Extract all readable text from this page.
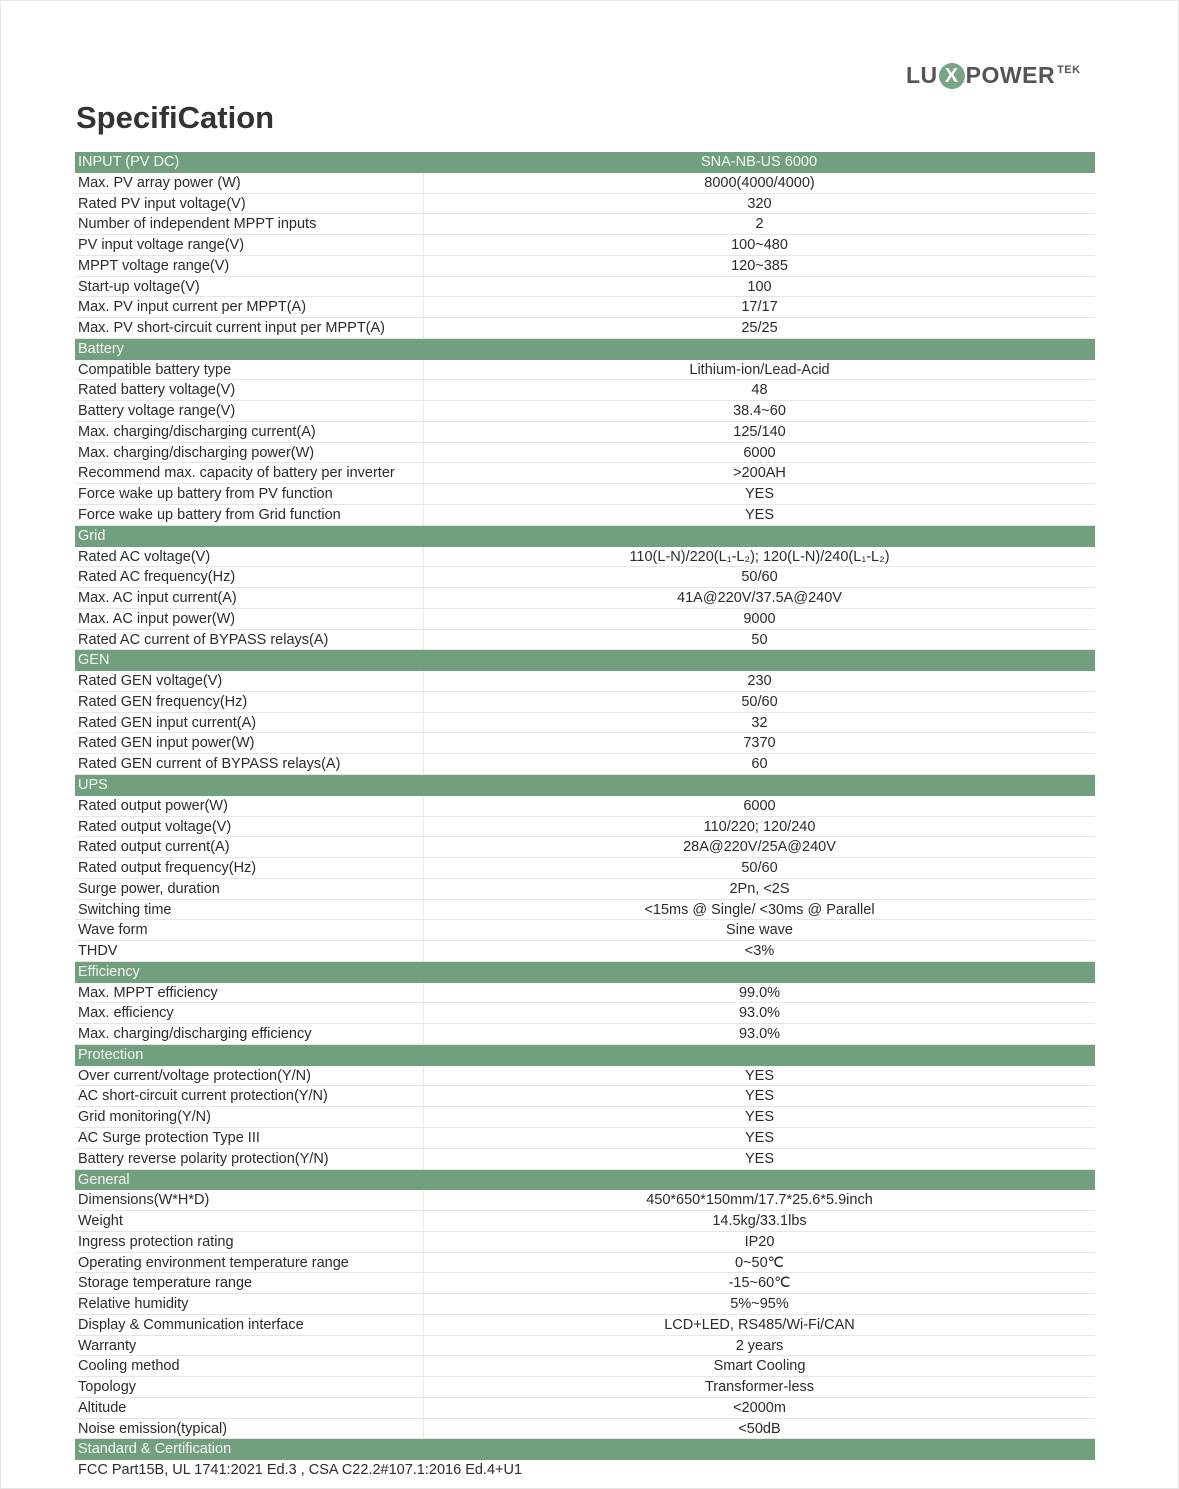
LU X $POWER^{TEK}$
SpecifiCation
INPUT (PV DC)	SNA-NB-US 6000
Max. PV array power (W)	8000(4000/4000)
Rated PV input voltage(V)	320
Number of independent MPPT inputs	2
PV input voltage range(V)	100~480
MPPT voltage range(V)	120~385
Start-up voltage(V)	100
Max. PV input current per MPPT(A)	17/17
Max. PV short-circuit current input per MPPT(A)	25/25
Battery
Compatible battery type	Lithium-ion/Lead-Acid
Rated battery voltage(V)	48
Battery voltage range(V)	38.4~60
Max. charging/discharging current(A)	125/140
Max. charging/discharging power(W)	6000
Recommend max. capacity of battery per inverter	>200AH
Force wake up battery from PV function	YES
Force wake up battery from Grid function	YES
Grid
Rated AC voltage(V)	110(L-N)/220(L₁-L₂); 120(L-N)/240(L₁-L₂)
Rated AC frequency(Hz)	50/60
Max. AC input current(A)	41A@220V/37.5A@240V
Max. AC input power(W)	9000
Rated AC current of BYPASS relays(A)	50
GEN
Rated GEN voltage(V)	230
Rated GEN frequency(Hz)	50/60
Rated GEN input current(A)	32
Rated GEN input power(W)	7370
Rated GEN current of BYPASS relays(A)	60
UPS
Rated output power(W)	6000
Rated output voltage(V)	110/220; 120/240
Rated output current(A)	28A@220V/25A@240V
Rated output frequency(Hz)	50/60
Surge power, duration	2Pn, <2S
Switching time	<15ms @ Single/ <30ms @ Parallel
Wave form	Sine wave
THDV	<3%
Efficiency
Max. MPPT efficiency	99.0%
Max. efficiency	93.0%
Max. charging/discharging efficiency	93.0%
Protection
Over current/voltage protection(Y/N)	YES
AC short-circuit current protection(Y/N)	YES
Grid monitoring(Y/N)	YES
AC Surge protection Type III	YES
Battery reverse polarity protection(Y/N)	YES
General
Dimensions(W*H*D)	450*650*150mm/17.7*25.6*5.9inch
Weight	14.5kg/33.1lbs
Ingress protection rating	IP20
Operating environment temperature range	0~50℃
Storage temperature range	-15~60℃
Relative humidity	5%~95%
Display & Communication interface	LCD+LED, RS485/Wi-Fi/CAN
Warranty	2 years
Cooling method	Smart Cooling
Topology	Transformer-less
Altitude	<2000m
Noise emission(typical)	<50dB
Standard & Certification
FCC Part15B, UL 1741:2021 Ed.3 , CSA C22.2#107.1:2016 Ed.4+U1
